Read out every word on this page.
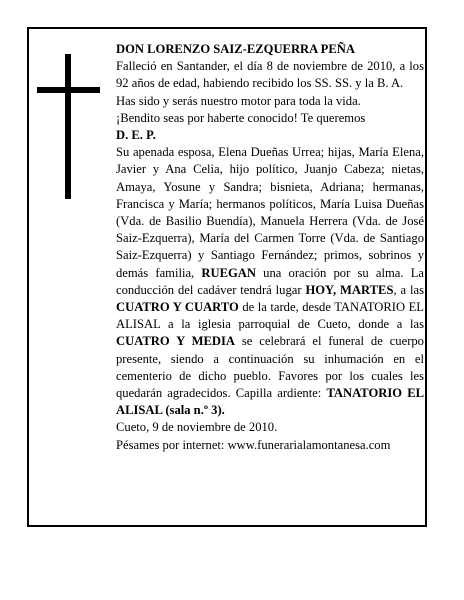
DON LORENZO SAIZ-EZQUERRA PEÑA

Falleció en Santander, el día 8 de noviembre de 2010, a los 92 años de edad, habiendo recibido los SS. SS. y la B. A.

Has sido y serás nuestro motor para toda la vida.

¡Bendito seas por haberte conocido! Te queremos

D. E. P.

Su apenada esposa, Elena Dueñas Urrea; hijas, María Elena, Javier y Ana Celia, hijo político, Juanjo Cabeza; nietas, Amaya, Yosune y Sandra; bisnieta, Adriana; hermanas, Francisca y María; hermanos políticos, María Luisa Dueñas (Vda. de Basilio Buendía), Manuela Herrera (Vda. de José Saiz-Ezquerra), María del Carmen Torre (Vda. de Santiago Saiz-Ezquerra) y Santiago Fernández; primos, sobrinos y demás familia, RUEGAN una oración por su alma. La conducción del cadáver tendrá lugar HOY, MARTES, a las CUATRO Y CUARTO de la tarde, desde TANATORIO EL ALISAL a la iglesia parroquial de Cueto, donde a las CUATRO Y MEDIA se celebrará el funeral de cuerpo presente, siendo a continuación su inhumación en el cementerio de dicho pueblo. Favores por los cuales les quedarán agradecidos. Capilla ardiente: TANATORIO EL ALISAL (sala n.º 3).

Cueto, 9 de noviembre de 2010.

Pésames por internet: www.funerarialamontanesa.com
